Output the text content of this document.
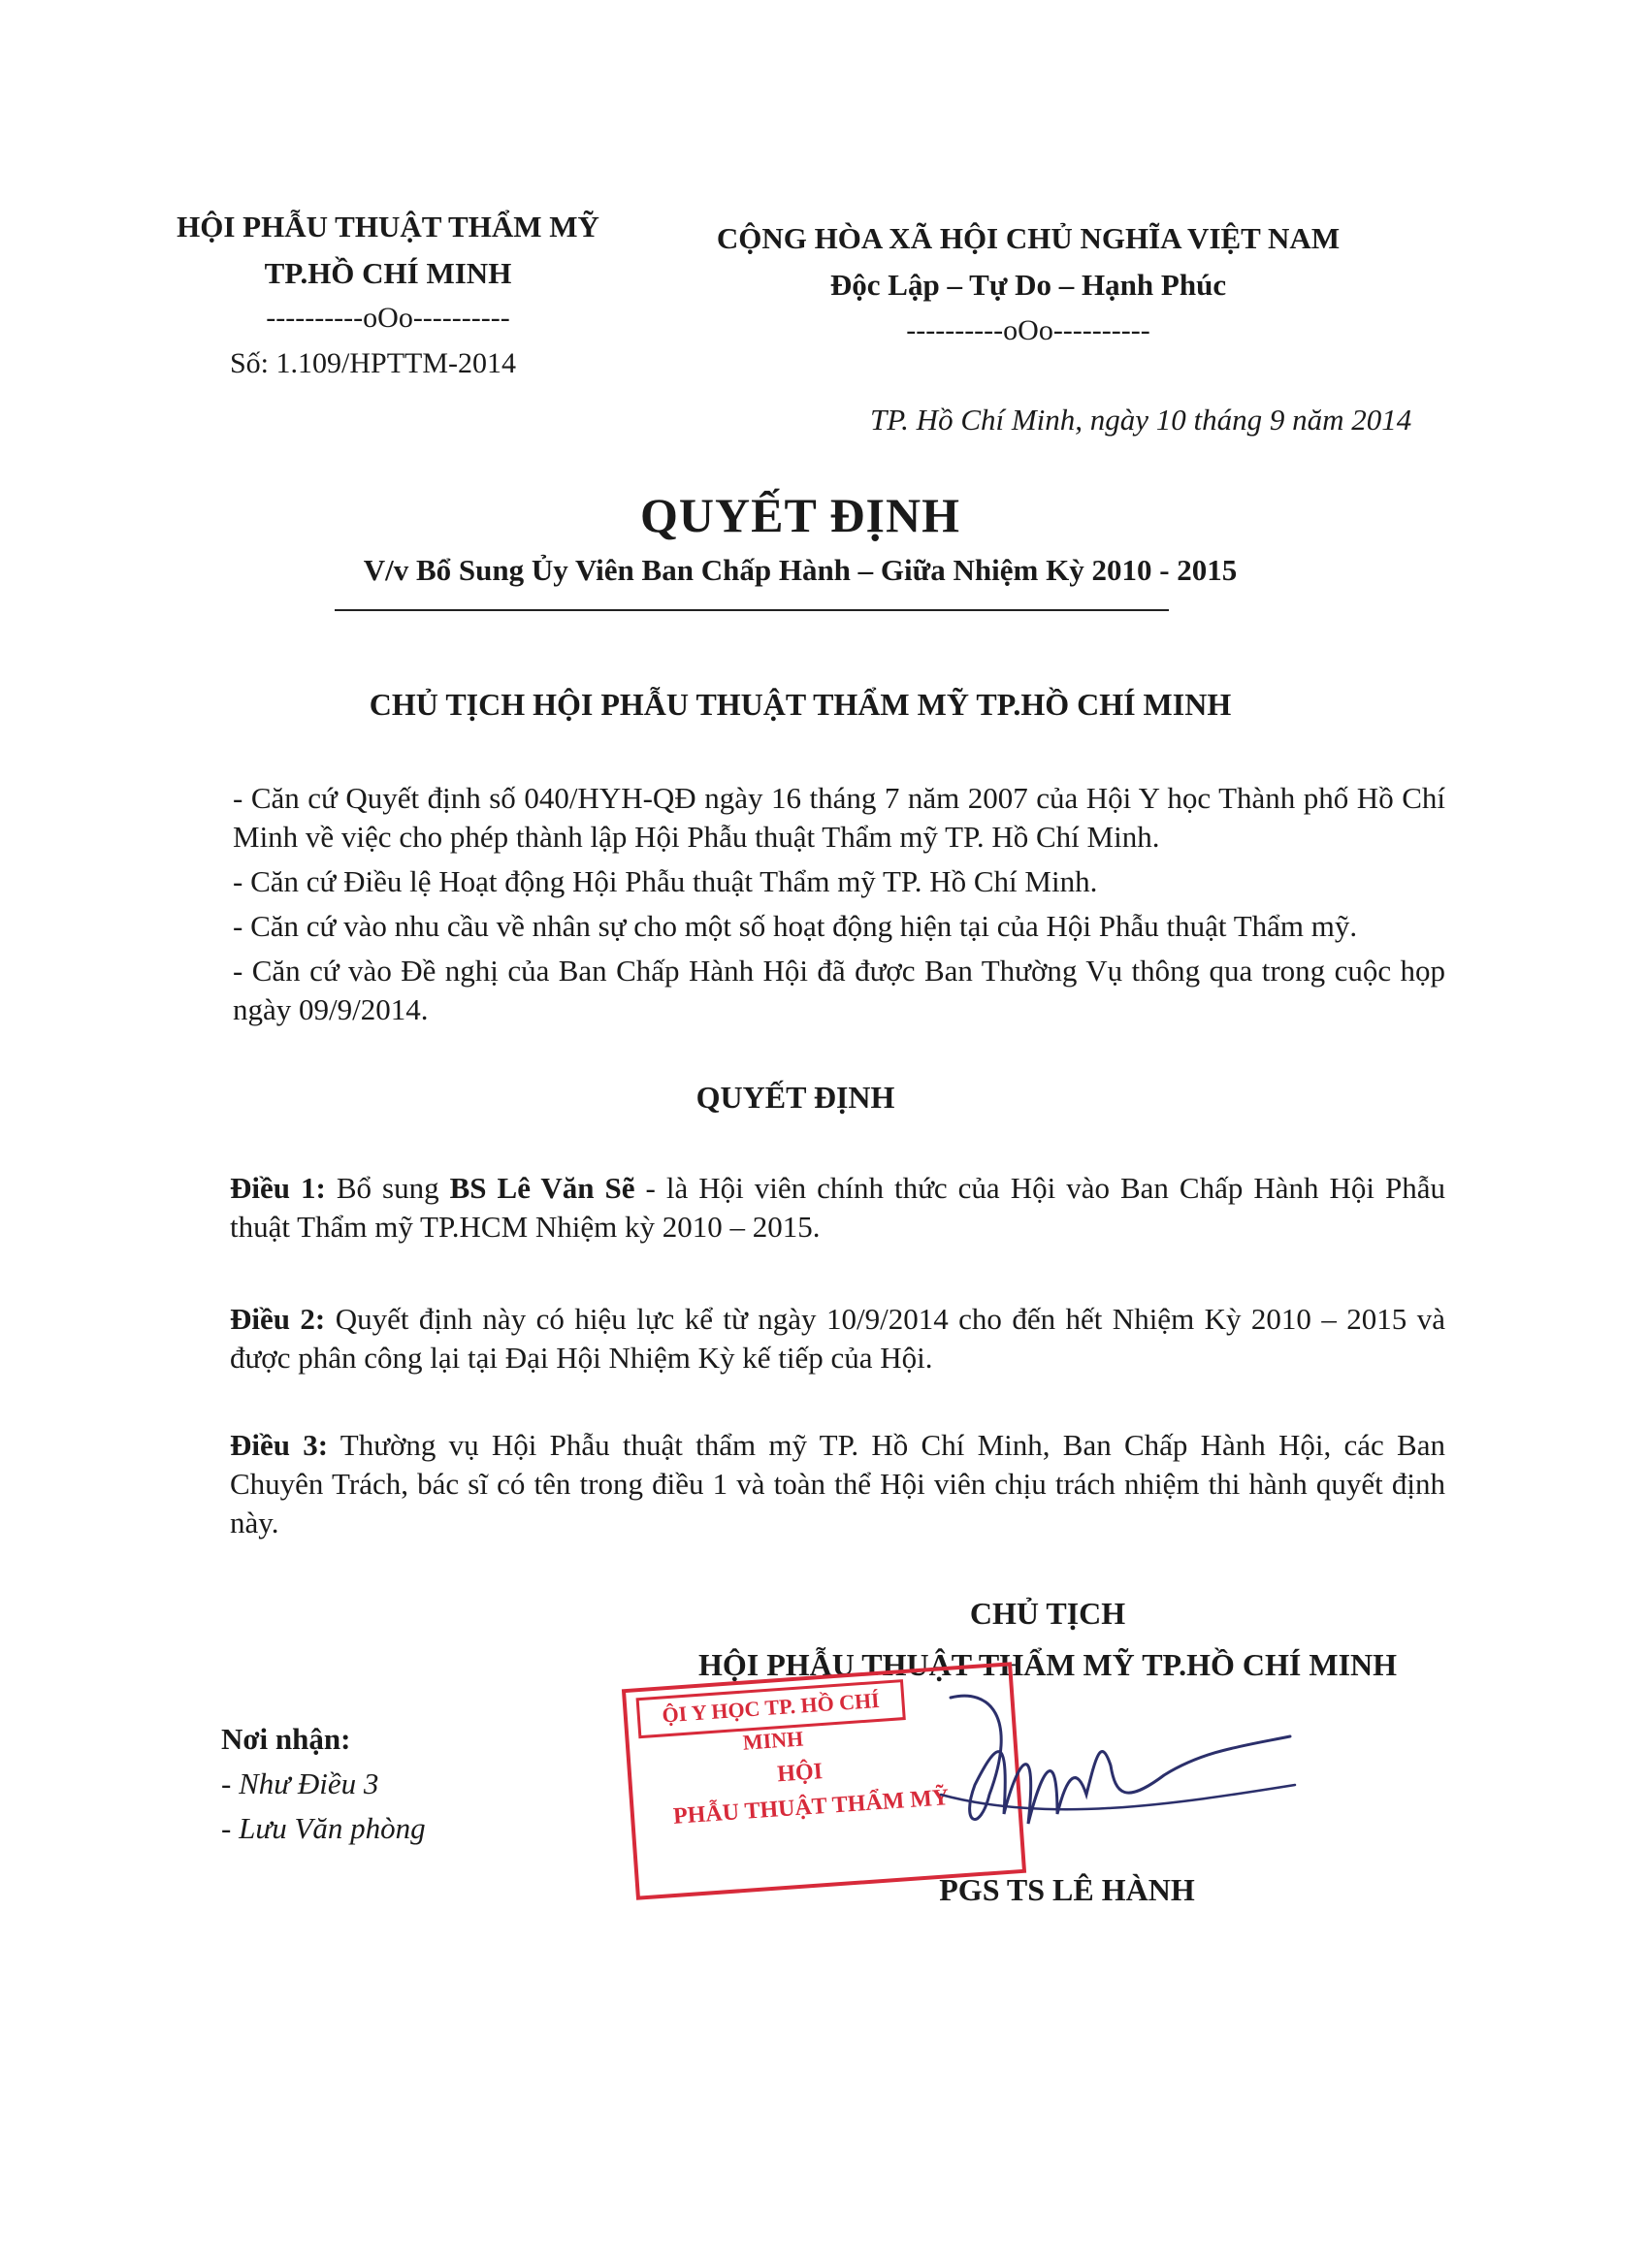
HỘI PHẪU THUẬT THẨM MỸ
TP.HỒ CHÍ MINH
----------oOo----------
Số: 1.109/HPTTM-2014
CỘNG HÒA XÃ HỘI CHỦ NGHĨA VIỆT NAM
Độc Lập – Tự Do – Hạnh Phúc
----------oOo----------
TP. Hồ Chí Minh, ngày 10 tháng 9 năm 2014
QUYẾT ĐỊNH
V/v Bổ Sung Ủy Viên Ban Chấp Hành – Giữa Nhiệm Kỳ 2010 - 2015
CHỦ TỊCH HỘI PHẪU THUẬT THẨM MỸ TP.HỒ CHÍ MINH

- Căn cứ Quyết định số 040/HYH-QĐ ngày 16 tháng 7 năm 2007 của Hội Y học Thành phố Hồ Chí Minh về việc cho phép thành lập Hội Phẫu thuật Thẩm mỹ TP. Hồ Chí Minh.

- Căn cứ Điều lệ Hoạt động Hội Phẫu thuật Thẩm mỹ TP. Hồ Chí Minh.

- Căn cứ vào nhu cầu về nhân sự cho một số hoạt động hiện tại của Hội Phẫu thuật Thẩm mỹ.

- Căn cứ vào Đề nghị của Ban Chấp Hành Hội đã được Ban Thường Vụ thông qua trong cuộc họp ngày 09/9/2014.

QUYẾT ĐỊNH
Điều 1: Bổ sung BS Lê Văn Sẽ - là Hội viên chính thức của Hội vào Ban Chấp Hành Hội Phẫu thuật Thẩm mỹ TP.HCM Nhiệm kỳ 2010 – 2015.
Điều 2: Quyết định này có hiệu lực kể từ ngày 10/9/2014 cho đến hết Nhiệm Kỳ 2010 – 2015 và được phân công lại tại Đại Hội Nhiệm Kỳ kế tiếp của Hội.
Điều 3: Thường vụ Hội Phẫu thuật thẩm mỹ TP. Hồ Chí Minh, Ban Chấp Hành Hội, các Ban Chuyên Trách, bác sĩ có tên trong điều 1 và toàn thể Hội viên chịu trách nhiệm thi hành quyết định này.
CHỦ TỊCH
HỘI PHẪU THUẬT THẨM MỸ TP.HỒ CHÍ MINH
Nơi nhận:
- Như Điều 3
- Lưu Văn phòng
ỘI Y HỌC TP. HỒ CHÍ MINH
HỘI
PHẪU THUẬT THẨM MỸ
PGS TS LÊ HÀNH
